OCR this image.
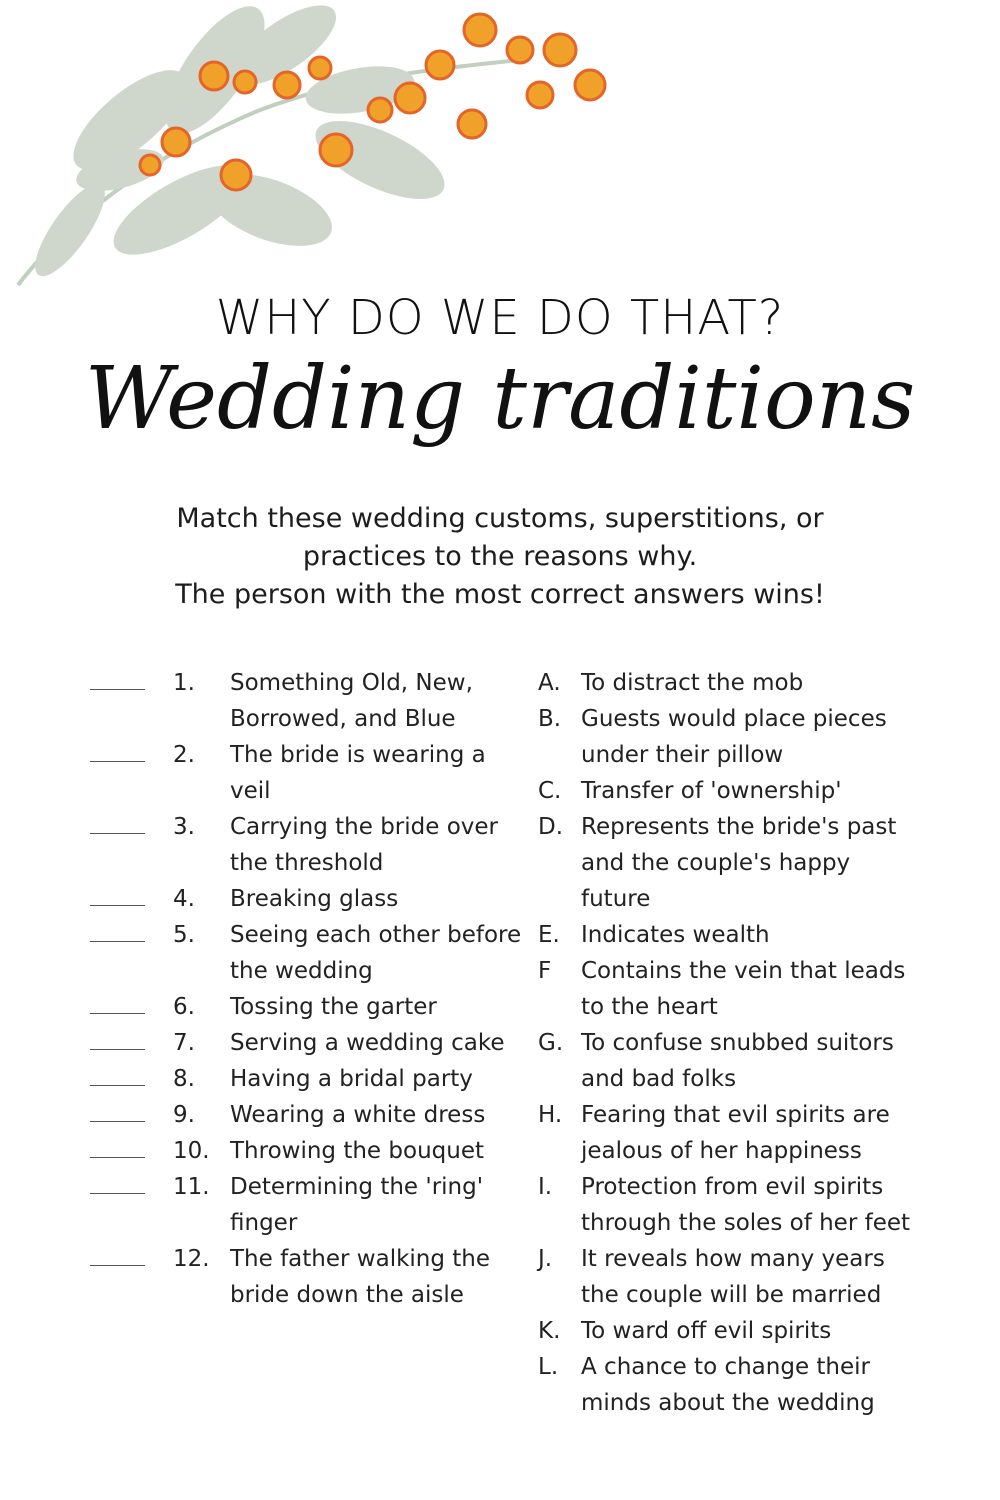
WHY DO WE DO THAT?
Wedding traditions
Match these wedding customs, superstitions, or
practices to the reasons why.
The person with the most correct answers wins!
1.	Something Old, New,
Borrowed, and Blue
2.	The bride is wearing a
veil
3.	Carrying the bride over
the threshold
4.	Breaking glass
5.	Seeing each other before
the wedding
6.	Tossing the garter
7.	Serving a wedding cake
8.	Having a bridal party
9.	Wearing a white dress
10. Throwing the bouquet
11. Determining the 'ring'
finger
12. The father walking the
bride down the aisle
A. To distract the mob
B. Guests would place pieces
under their pillow
C. Transfer of 'ownership'
D. Represents the bride's past
and the couple's happy
future
E. Indicates wealth
F	Contains the vein that leads
to the heart
G. To confuse snubbed suitors
and bad folks
H. Fearing that evil spirits are
jealous of her happiness
I.	Protection from evil spirits
through the soles of her feet
J.	It reveals how many years
the couple will be married
K. To ward off evil spirits
L. A chance to change their
minds about the wedding
